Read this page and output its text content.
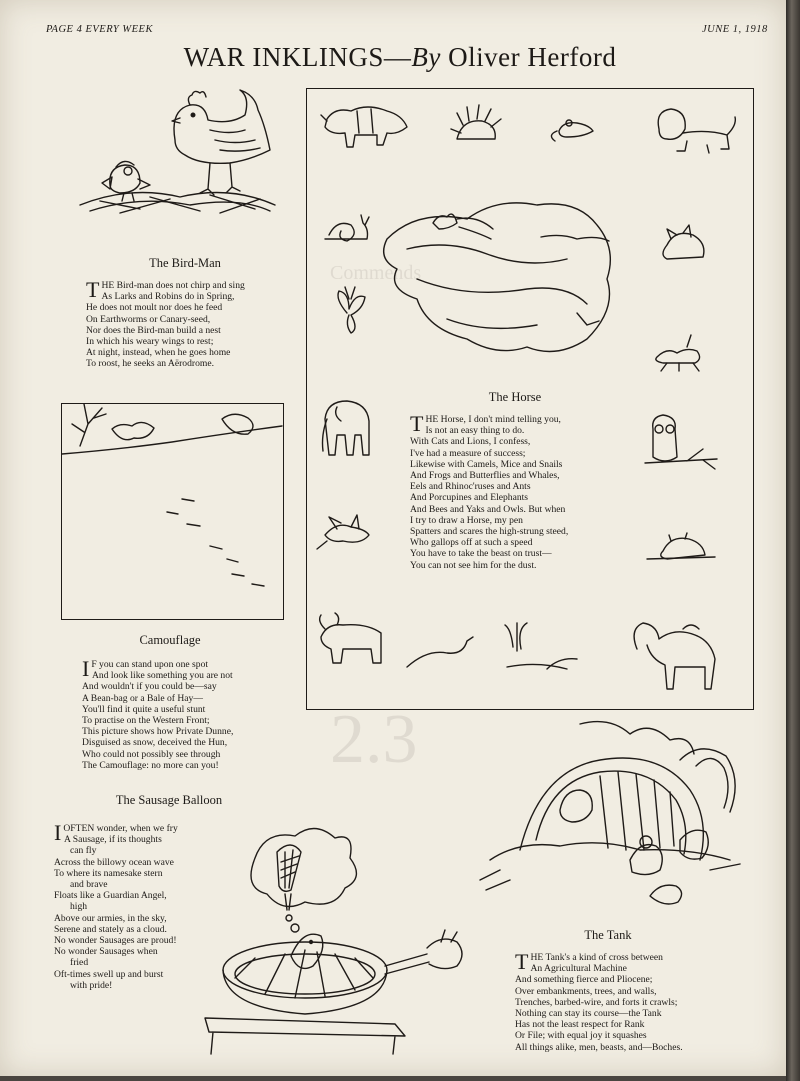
Commends
2.3
PAGE 4 EVERY WEEK	JUNE 1, 1918
WAR INKLINGS—By Oliver Herford
The Bird-Man
T HE Bird-man does not chirp and sing
As Larks and Robins do in Spring,
He does not moult nor does he feed
On Earthworms or Canary-seed,
Nor does the Bird-man build a nest
In which his weary wings to rest;
At night, instead, when he goes home
To roost, he seeks an Aërodrome.
Camouflage
I F you can stand upon one spot
And look like something you are not
And wouldn't if you could be—say
A Bean-bag or a Bale of Hay—
You'll find it quite a useful stunt
To practise on the Western Front;
This picture shows how Private Dunne,
Disguised as snow, deceived the Hun,
Who could not possibly see through
The Camouflage: no more can you!
The Horse
T HE Horse, I don't mind telling you,
Is not an easy thing to do.
With Cats and Lions, I confess,
I've had a measure of success;
Likewise with Camels, Mice and Snails
And Frogs and Butterflies and Whales,
Eels and Rhinoc'ruses and Ants
And Porcupines and Elephants
And Bees and Yaks and Owls. But when
I try to draw a Horse, my pen
Spatters and scares the high-strung steed,
Who gallops off at such a speed
You have to take the beast on trust—
You can not see him for the dust.
The Sausage Balloon
I OFTEN wonder, when we fry
A Sausage, if its thoughts
can fly
Across the billowy ocean wave
To where its namesake stern
and brave
Floats like a Guardian Angel,
high
Above our armies, in the sky,
Serene and stately as a cloud.
No wonder Sausages are proud!
No wonder Sausages when
fried
Oft-times swell up and burst
with pride!
The Tank
T HE Tank's a kind of cross between
An Agricultural Machine
And something fierce and Pliocene;
Over embankments, trees, and walls,
Trenches, barbed-wire, and forts it crawls;
Nothing can stay its course—the Tank
Has not the least respect for Rank
Or File; with equal joy it squashes
All things alike, men, beasts, and—Boches.
